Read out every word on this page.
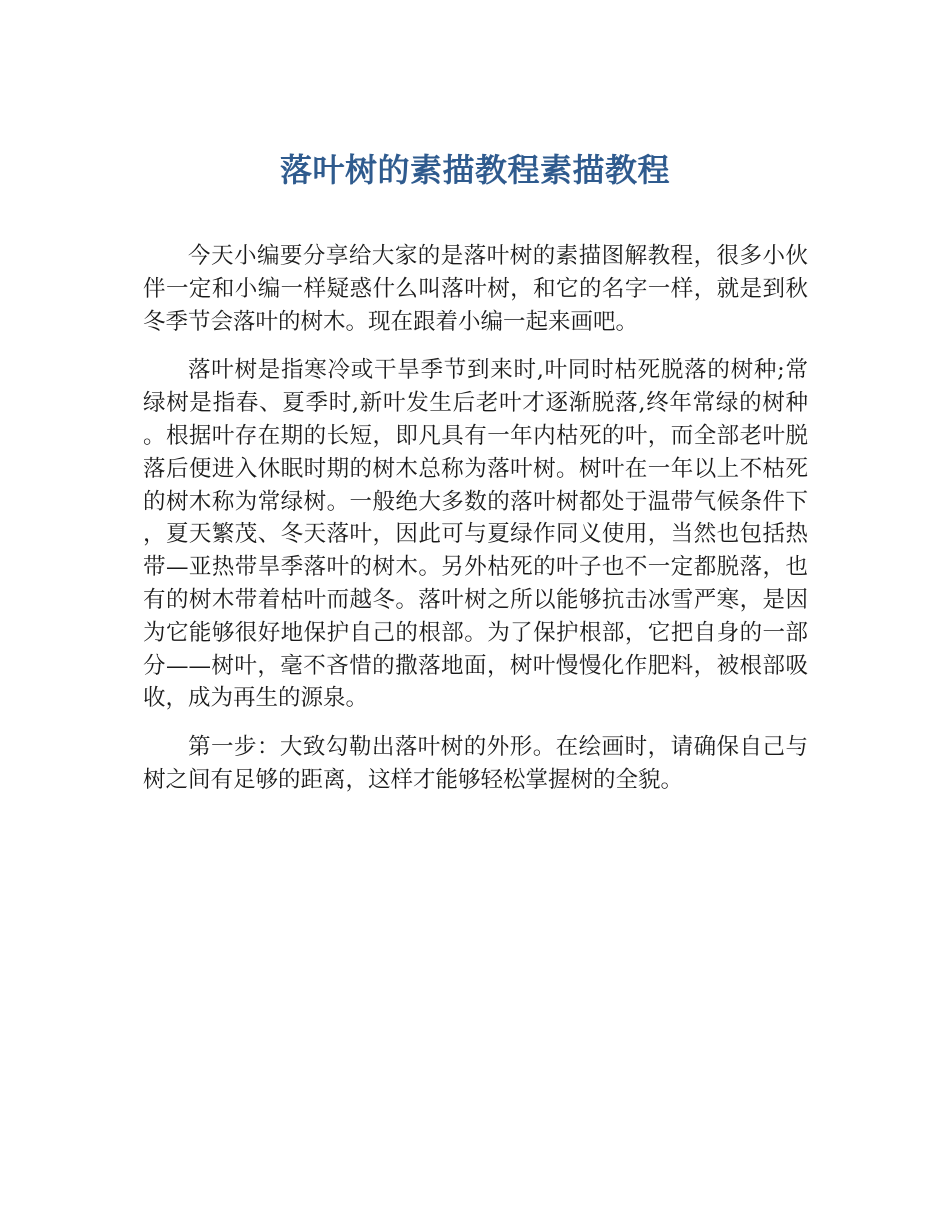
落叶树的素描教程素描教程

今天小编要分享给大家的是落叶树的素描图解教程，很多小伙伴一定和小编一样疑惑什么叫落叶树，和它的名字一样，就是到秋冬季节会落叶的树木。现在跟着小编一起来画吧。

落叶树是指寒冷或干旱季节到来时,叶同时枯死脱落的树种;常绿树是指春、夏季时,新叶发生后老叶才逐渐脱落,终年常绿的树种。根据叶存在期的长短，即凡具有一年内枯死的叶，而全部老叶脱落后便进入休眠时期的树木总称为落叶树。树叶在一年以上不枯死的树木称为常绿树。一般绝大多数的落叶树都处于温带气候条件下，夏天繁茂、冬天落叶，因此可与夏绿作同义使用，当然也包括热带—亚热带旱季落叶的树木。另外枯死的叶子也不一定都脱落，也有的树木带着枯叶而越冬。落叶树之所以能够抗击冰雪严寒，是因为它能够很好地保护自己的根部。为了保护根部，它把自身的一部分——树叶，毫不吝惜的撒落地面，树叶慢慢化作肥料，被根部吸收，成为再生的源泉。

第一步：大致勾勒出落叶树的外形。在绘画时，请确保自己与树之间有足够的距离，这样才能够轻松掌握树的全貌。
